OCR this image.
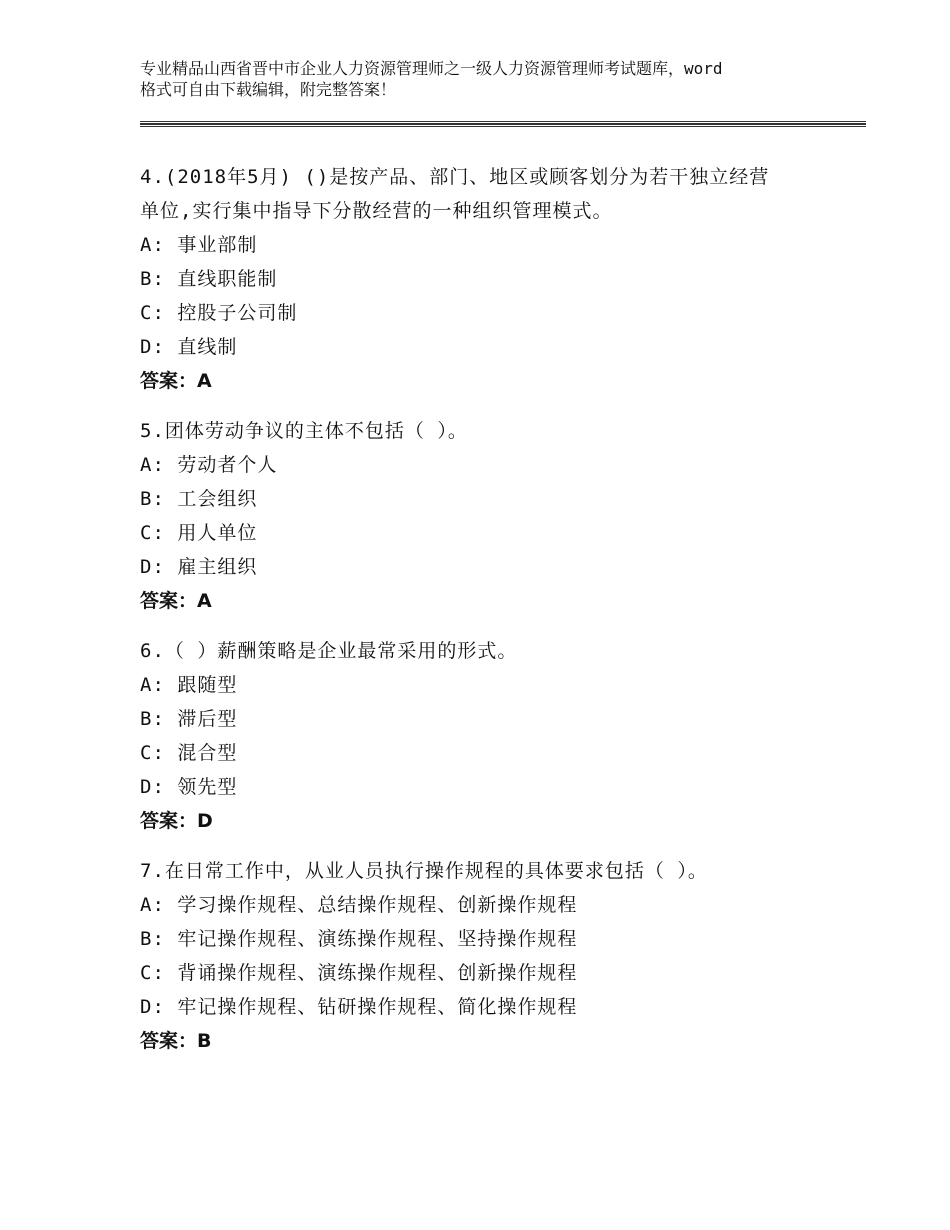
专业精品山西省晋中市企业人力资源管理师之一级人力资源管理师考试题库，word
格式可自由下载编辑，附完整答案！
4.(2018年5月) ()是按产品、部门、地区或顾客划分为若干独立经营
单位,实行集中指导下分散经营的一种组织管理模式。
A: 事业部制
B: 直线职能制
C: 控股子公司制
D: 直线制
答案：A
5.团体劳动争议的主体不包括（ ）。
A: 劳动者个人
B: 工会组织
C: 用人单位
D: 雇主组织
答案：A
6.（ ）薪酬策略是企业最常采用的形式。
A: 跟随型
B: 滞后型
C: 混合型
D: 领先型
答案：D
7.在日常工作中，从业人员执行操作规程的具体要求包括（ ）。
A: 学习操作规程、总结操作规程、创新操作规程
B: 牢记操作规程、演练操作规程、坚持操作规程
C: 背诵操作规程、演练操作规程、创新操作规程
D: 牢记操作规程、钻研操作规程、简化操作规程
答案：B
